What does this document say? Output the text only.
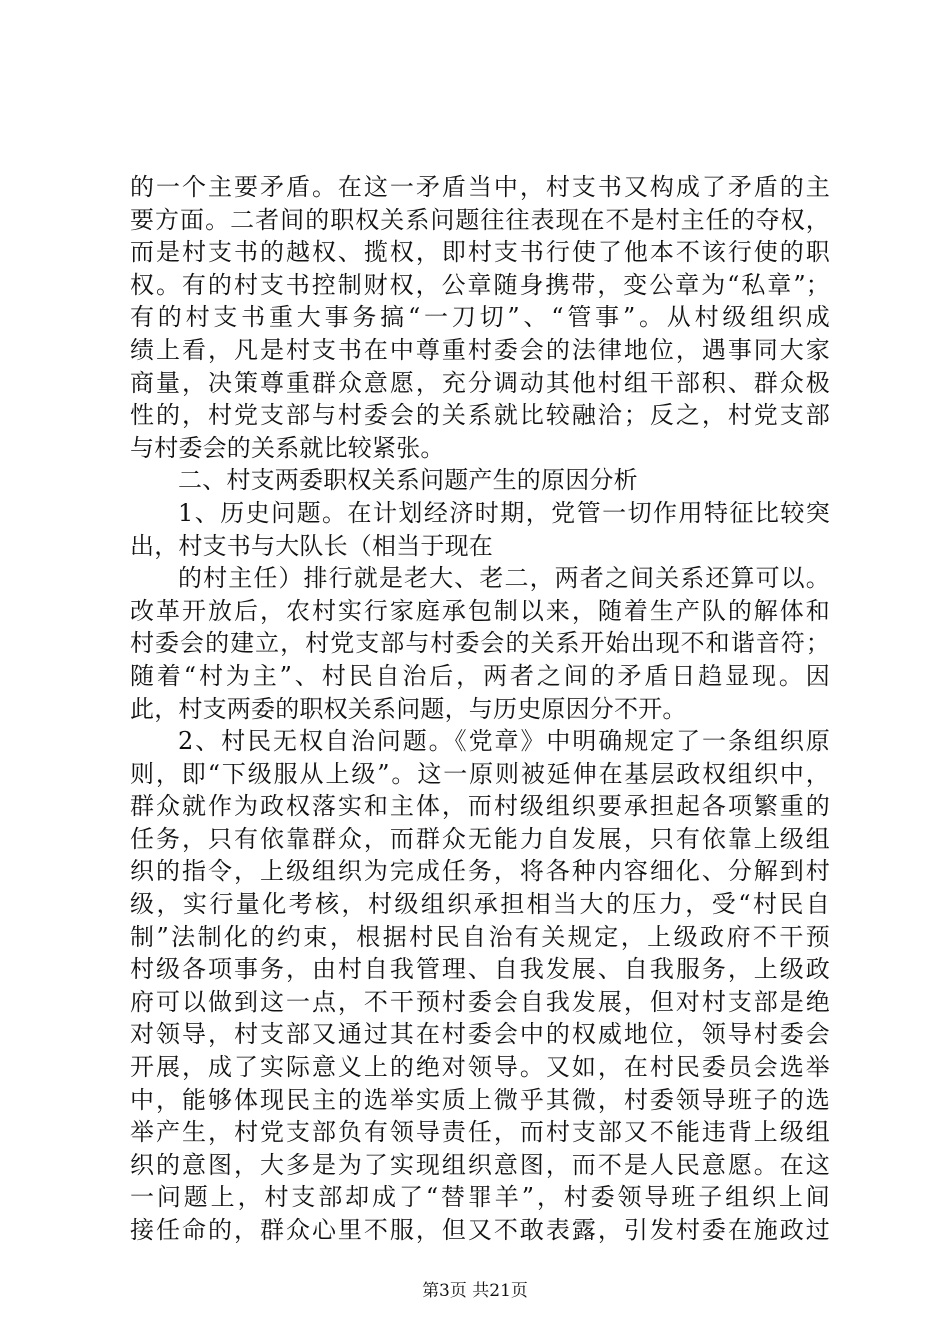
的一个主要矛盾。在这一矛盾当中，村支书又构成了矛盾的主
要方面。二者间的职权关系问题往往表现在不是村主任的夺权，
而是村支书的越权、揽权，即村支书行使了他本不该行使的职
权。有的村支书控制财权，公章随身携带，变公章为“私章”；
有的村支书重大事务搞“一刀切”、“管事”。从村级组织成
绩上看，凡是村支书在中尊重村委会的法律地位，遇事同大家
商量，决策尊重群众意愿，充分调动其他村组干部积、群众极
性的，村党支部与村委会的关系就比较融洽；反之，村党支部
与村委会的关系就比较紧张。
二、村支两委职权关系问题产生的原因分析
1、历史问题。在计划经济时期，党管一切作用特征比较突
出，村支书与大队长（相当于现在
的村主任）排行就是老大、老二，两者之间关系还算可以。
改革开放后，农村实行家庭承包制以来，随着生产队的解体和
村委会的建立，村党支部与村委会的关系开始出现不和谐音符；
随着“村为主”、村民自治后，两者之间的矛盾日趋显现。因
此，村支两委的职权关系问题，与历史原因分不开。
2、村民无权自治问题。《党章》中明确规定了一条组织原
则，即“下级服从上级”。这一原则被延伸在基层政权组织中，
群众就作为政权落实和主体，而村级组织要承担起各项繁重的
任务，只有依靠群众，而群众无能力自发展，只有依靠上级组
织的指令，上级组织为完成任务，将各种内容细化、分解到村
级，实行量化考核，村级组织承担相当大的压力，受“村民自
制”法制化的约束，根据村民自治有关规定，上级政府不干预
村级各项事务，由村自我管理、自我发展、自我服务，上级政
府可以做到这一点，不干预村委会自我发展，但对村支部是绝
对领导，村支部又通过其在村委会中的权威地位，领导村委会
开展，成了实际意义上的绝对领导。又如，在村民委员会选举
中，能够体现民主的选举实质上微乎其微，村委领导班子的选
举产生，村党支部负有领导责任，而村支部又不能违背上级组
织的意图，大多是为了实现组织意图，而不是人民意愿。在这
一问题上，村支部却成了“替罪羊”，村委领导班子组织上间
接任命的，群众心里不服，但又不敢表露，引发村委在施政过
第3页 共21页
